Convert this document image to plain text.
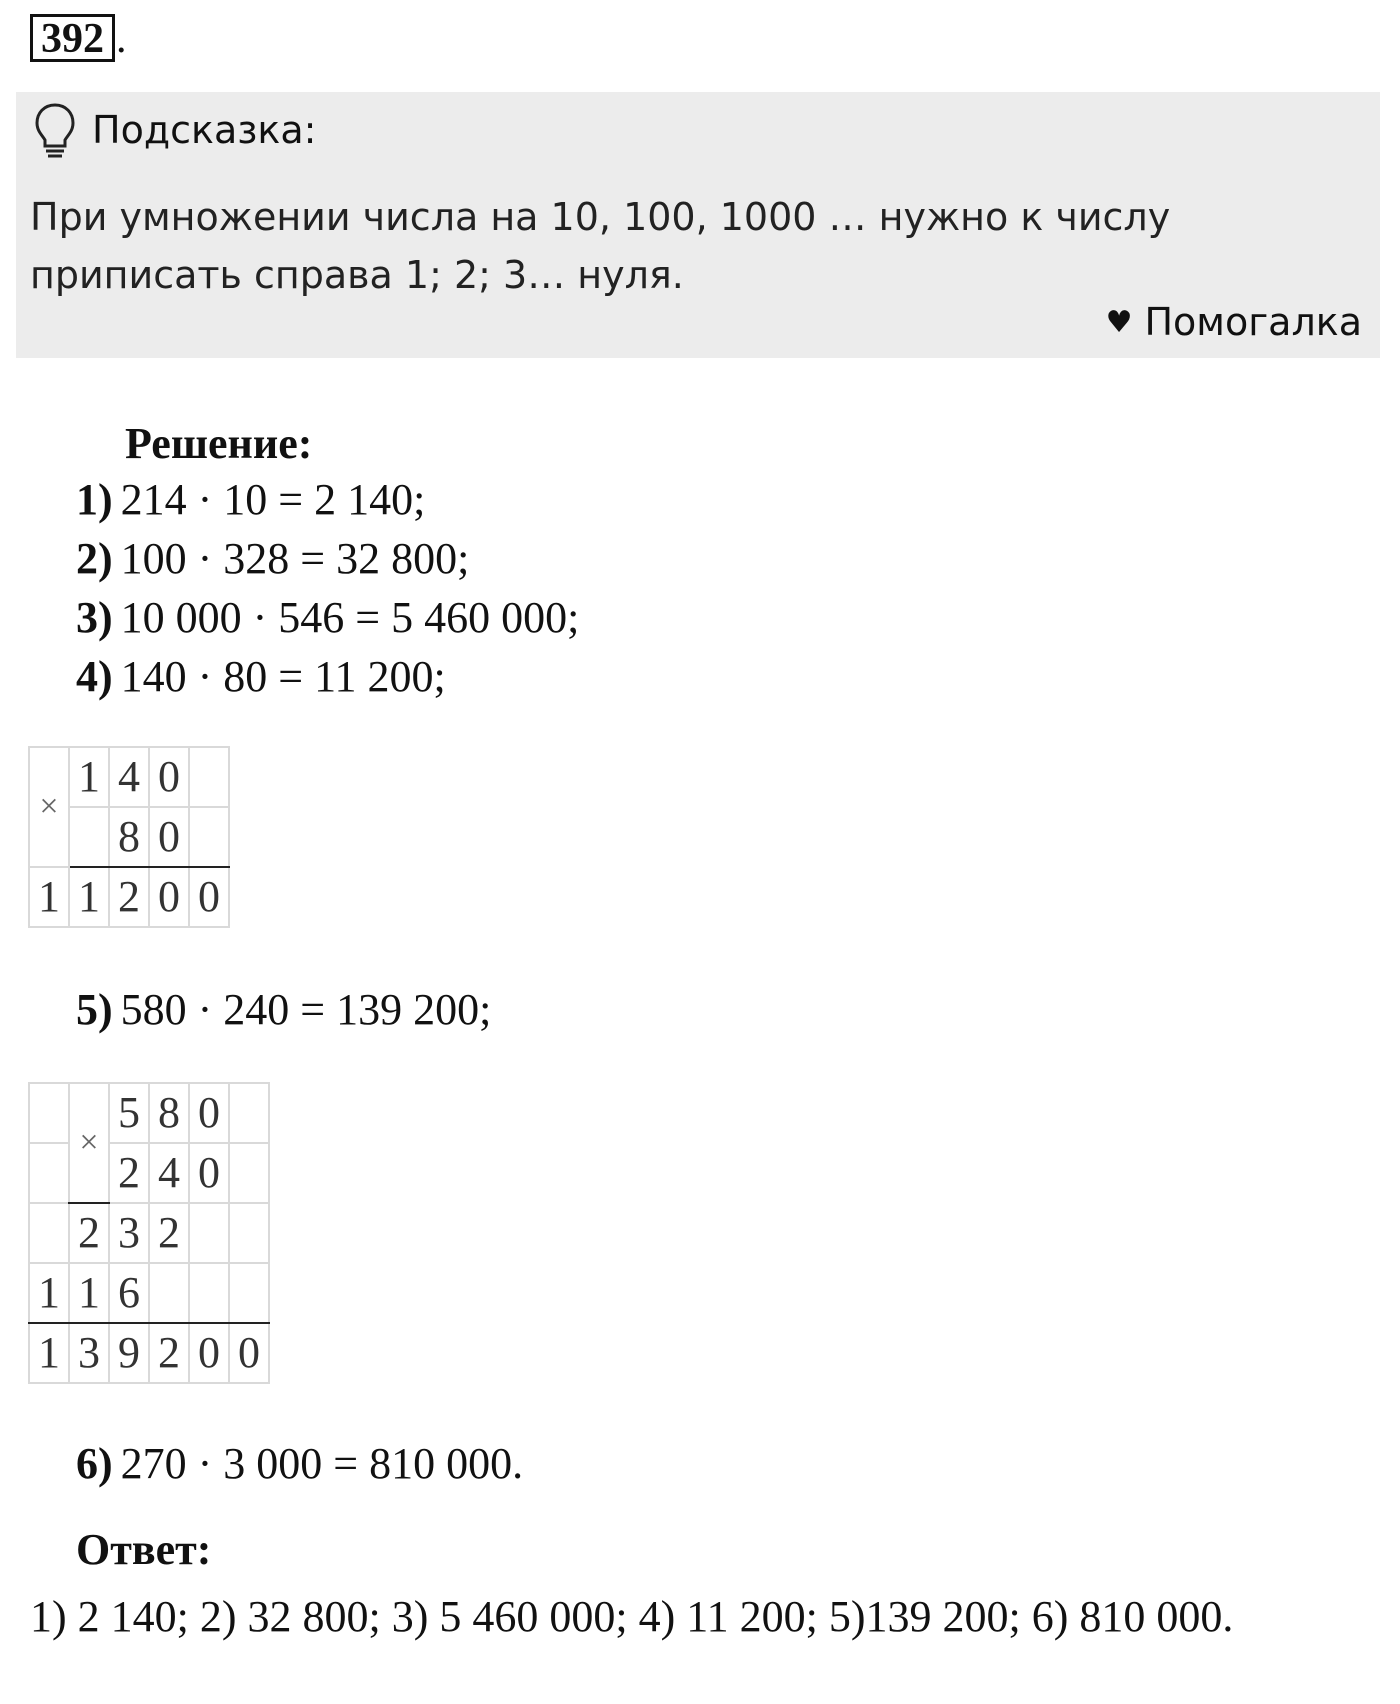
392 .
Подсказка:
При умножении числа на 10, 100, 1000 … нужно к числу приписать справа 1; 2; 3… нуля.
♥ Помогалка
Решение:
1) 214 · 10 = 2 140;
2) 100 · 328 = 32 800;
3) 10 000 · 546 = 5 460 000;
4) 140 · 80 = 11 200;
×	1	4	0	
		8	0	
1	1	2	0	0
5) 580 · 240 = 139 200;
	×	5	8	0	
		2	4	0	
	2	3	2		
1	1	6			
1	3	9	2	0	0
6) 270 · 3 000 = 810 000.
Ответ:
1) 2 140; 2) 32 800; 3) 5 460 000; 4) 11 200; 5)139 200; 6) 810 000.
